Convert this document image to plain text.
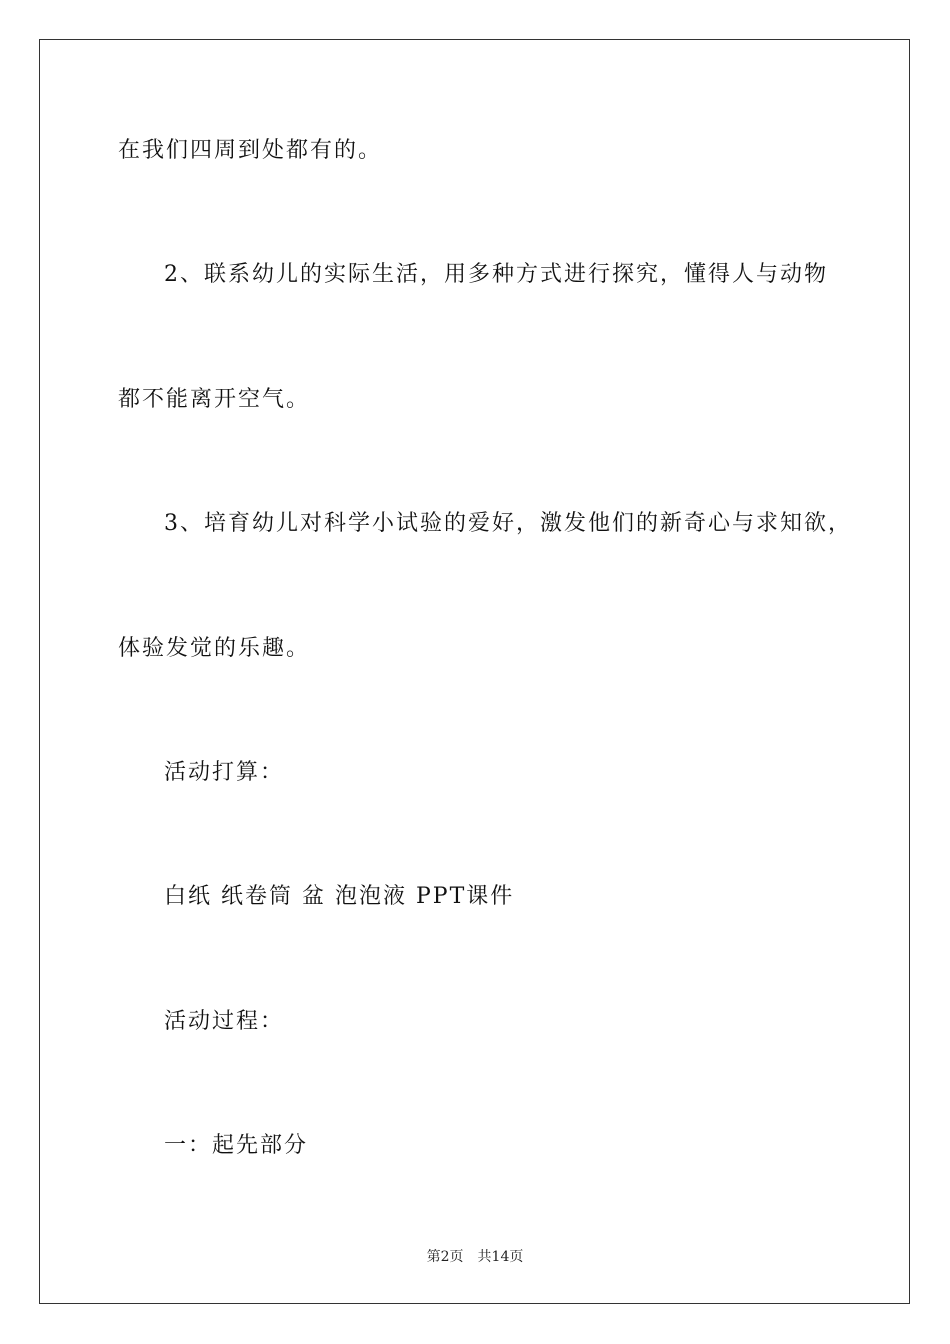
在我们四周到处都有的。
2、联系幼儿的实际生活，用多种方式进行探究，懂得人与动物
都不能离开空气。
3、培育幼儿对科学小试验的爱好，激发他们的新奇心与求知欲，
体验发觉的乐趣。
活动打算：
白纸 纸卷筒 盆 泡泡液 PPT课件
活动过程：
一：起先部分
第2页 共14页
